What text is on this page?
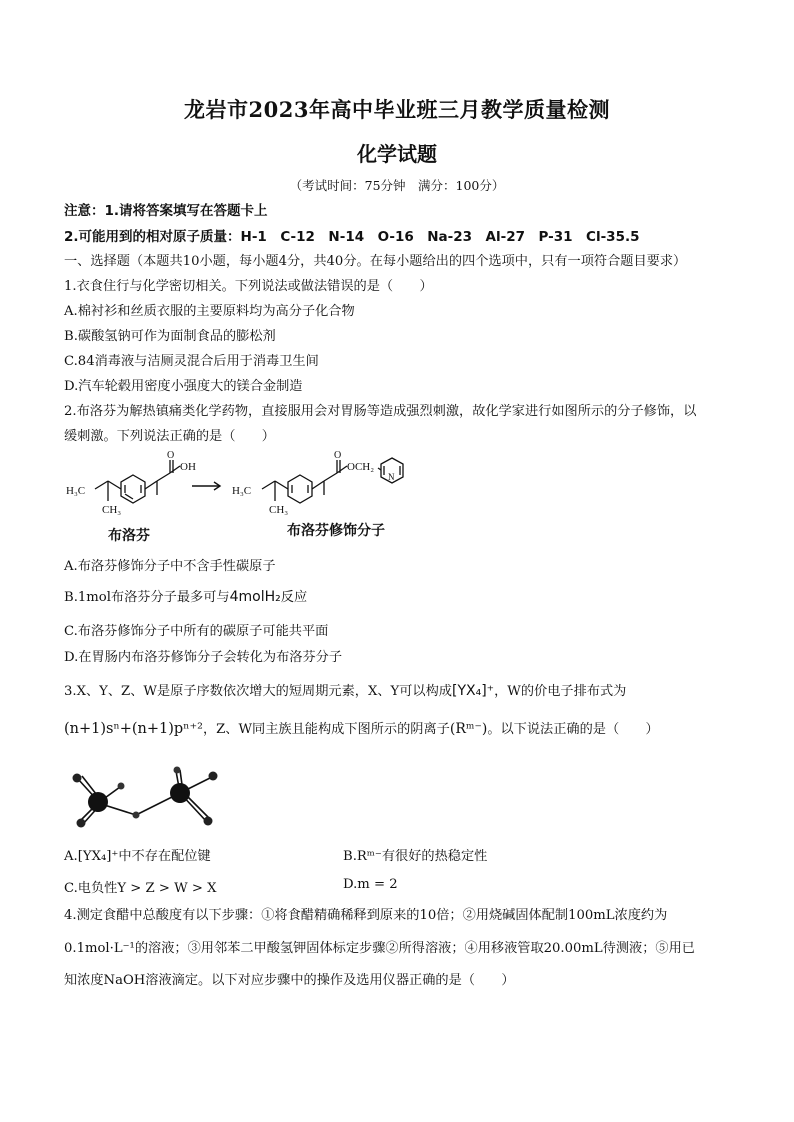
龙岩市2023年高中毕业班三月教学质量检测
化学试题
（考试时间：75分钟　满分：100分）
注意：1.请将答案填写在答题卡上
2.可能用到的相对原子质量：H-1　C-12　N-14　O-16　Na-23　Al-27　P-31　Cl-35.5
一、选择题（本题共10小题，每小题4分，共40分。在每小题给出的四个选项中，只有一项符合题目要求）
1.衣食住行与化学密切相关。下列说法或做法错误的是（　　）
A.棉衬衫和丝质衣服的主要原料均为高分子化合物
B.碳酸氢钠可作为面制食品的膨松剂
C.84消毒液与洁厕灵混合后用于消毒卫生间
D.汽车轮毂用密度小强度大的镁合金制造
2.布洛芬为解热镇痛类化学药物，直接服用会对胃肠等造成强烈刺激，故化学家进行如图所示的分子修饰，以
缓刺激。下列说法正确的是（　　）
OH
O
H₃C
CH₃
O
OCH₂
N
H₃C
CH₃
布洛芬	布洛芬修饰分子
A.布洛芬修饰分子中不含手性碳原子
B.1mol布洛芬分子最多可与4molH₂反应
C.布洛芬修饰分子中所有的碳原子可能共平面
D.在胃肠内布洛芬修饰分子会转化为布洛芬分子
3.X、Y、Z、W是原子序数依次增大的短周期元素，X、Y可以构成[YX₄]⁺，W的价电子排布式为
(n+1)sⁿ+(n+1)pⁿ⁺²，Z、W同主族且能构成下图所示的阴离子(Rᵐ⁻)。以下说法正确的是（　　）
A.[YX₄]⁺中不存在配位键	B.Rᵐ⁻有很好的热稳定性
C.电负性Y > Z > W > X	D.m = 2
4.测定食醋中总酸度有以下步骤：①将食醋精确稀释到原来的10倍；②用烧碱固体配制100mL浓度约为
0.1mol·L⁻¹的溶液；③用邻苯二甲酸氢钾固体标定步骤②所得溶液；④用移液管取20.00mL待测液；⑤用已
知浓度NaOH溶液滴定。以下对应步骤中的操作及选用仪器正确的是（　　）
